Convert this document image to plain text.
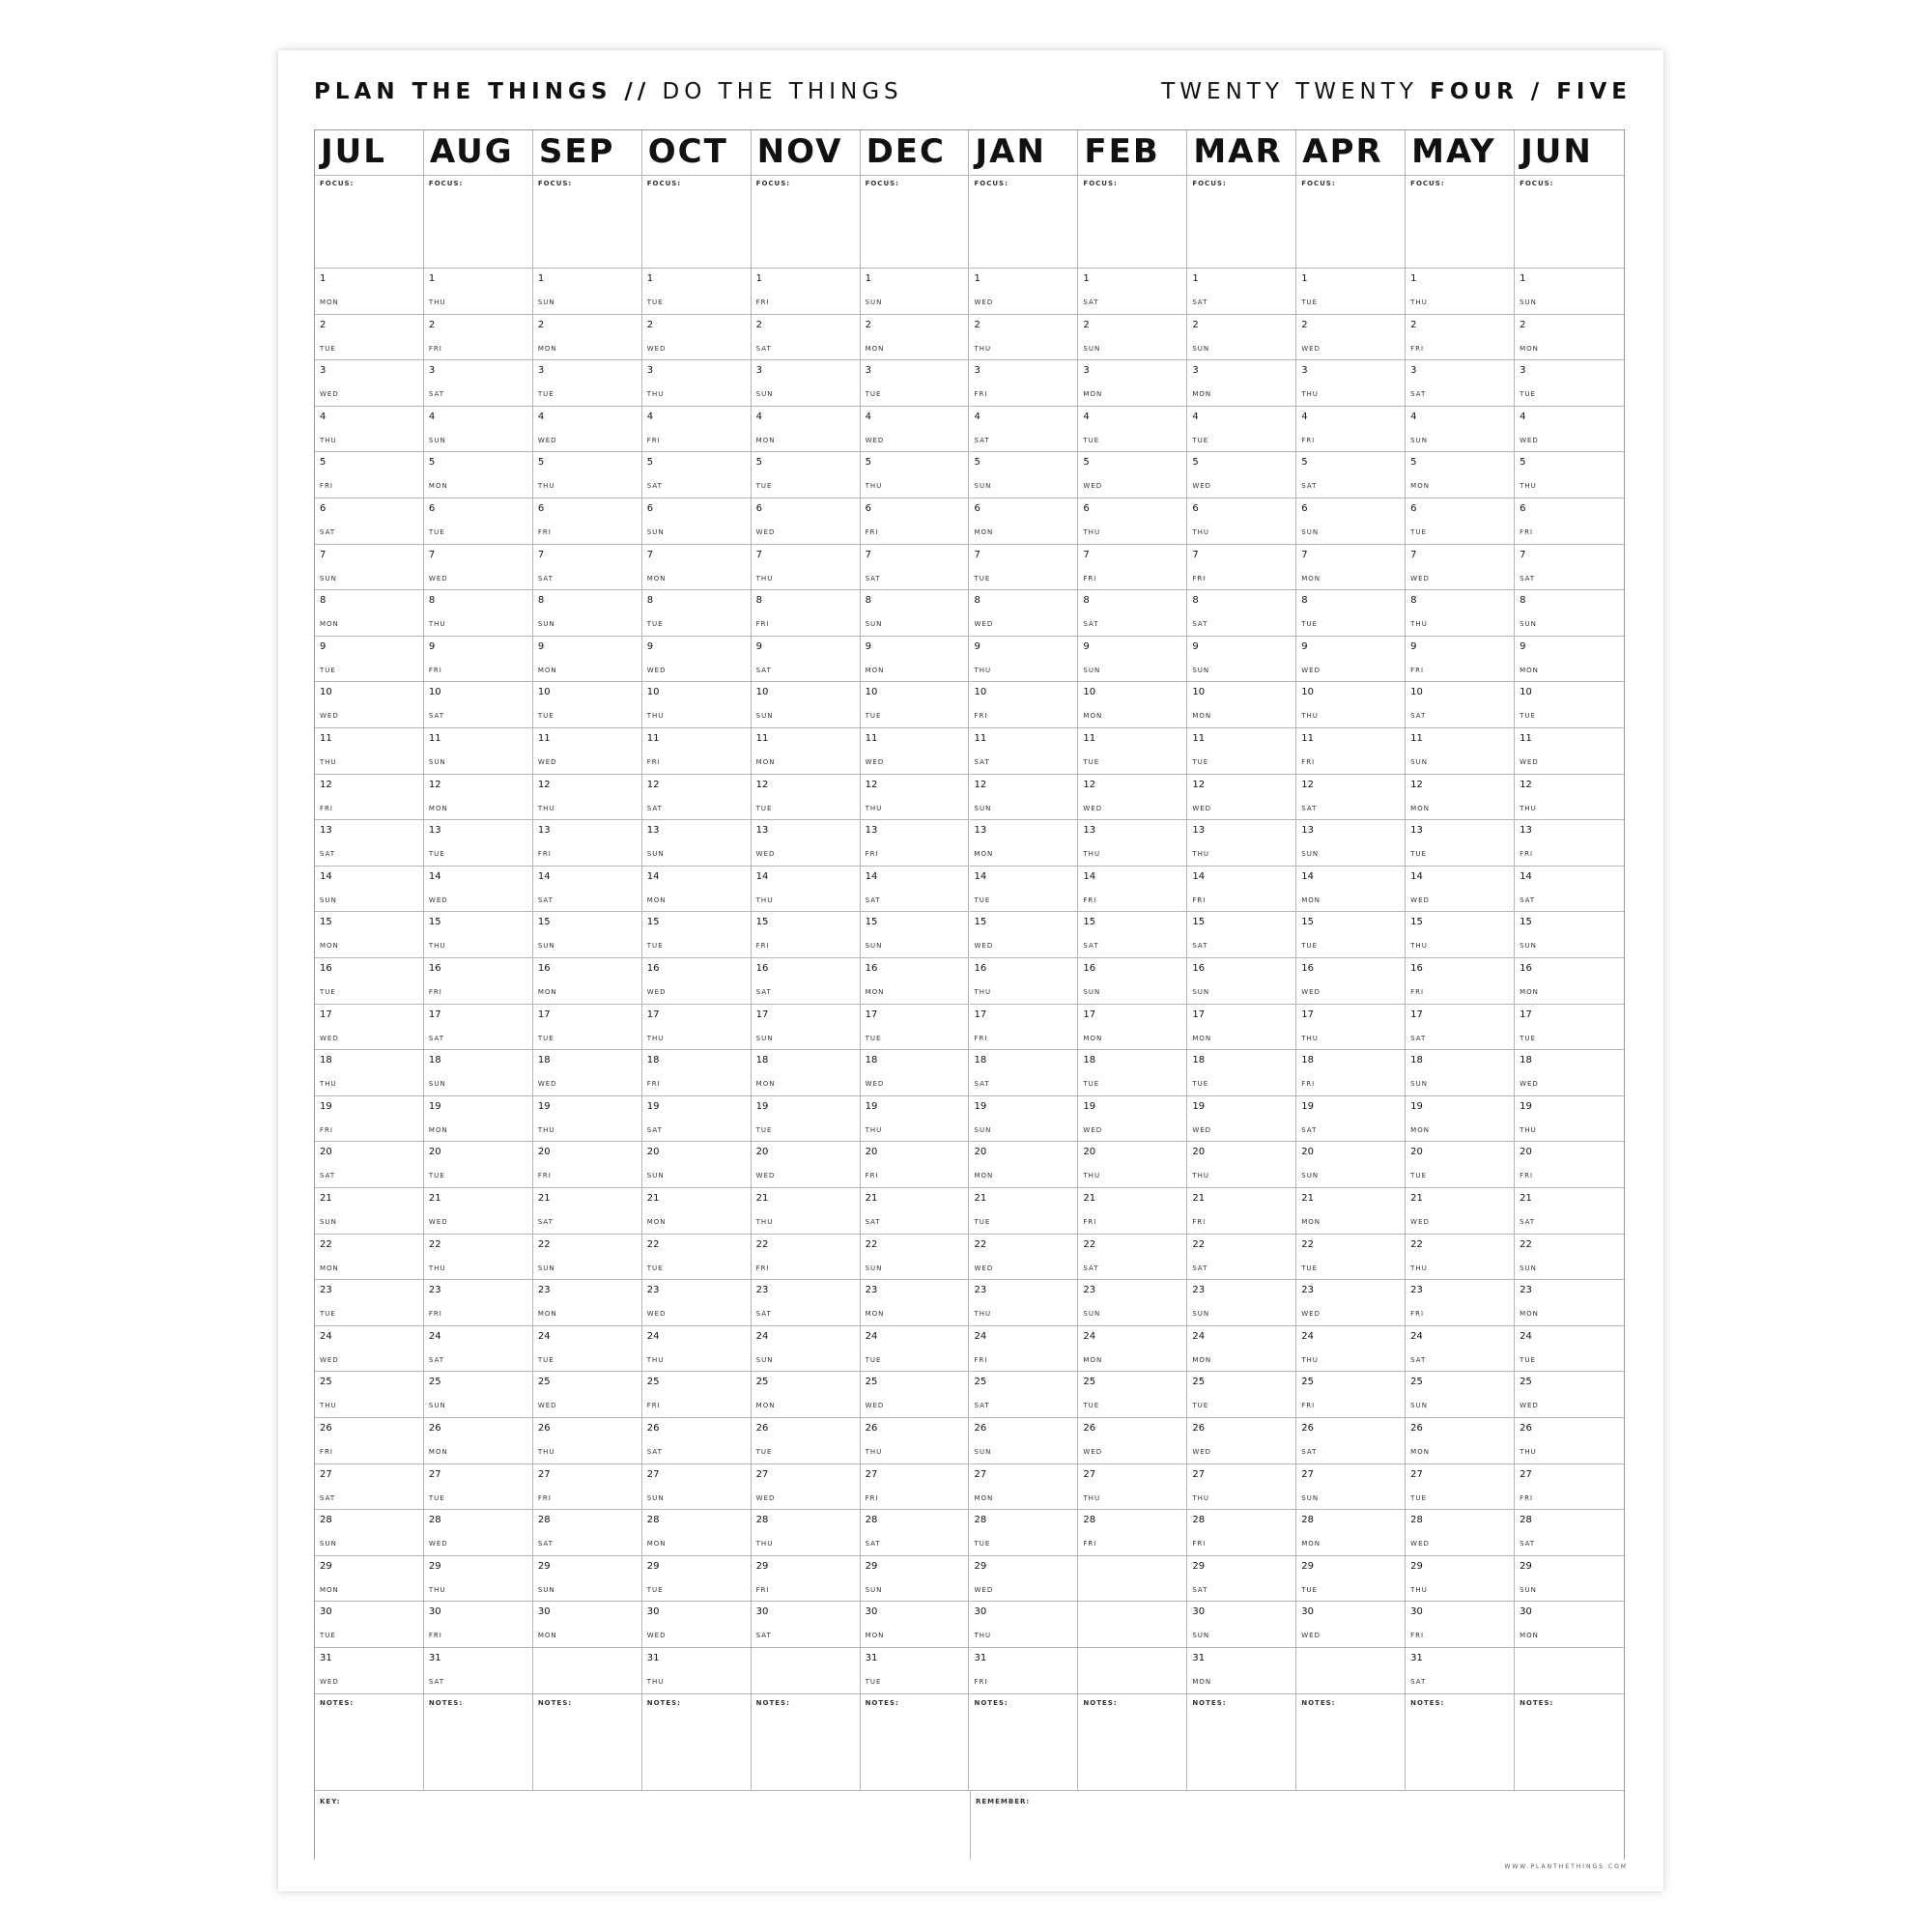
PLAN THE THINGS // DO THE THINGS	TWENTY TWENTY FOUR / FIVE
JUL
FOCUS:
1
MON
2
TUE
3
WED
4
THU
5
FRI
6
SAT
7
SUN
8
MON
9
TUE
10
WED
11
THU
12
FRI
13
SAT
14
SUN
15
MON
16
TUE
17
WED
18
THU
19
FRI
20
SAT
21
SUN
22
MON
23
TUE
24
WED
25
THU
26
FRI
27
SAT
28
SUN
29
MON
30
TUE
31
WED
NOTES:
AUG
FOCUS:
1
THU
2
FRI
3
SAT
4
SUN
5
MON
6
TUE
7
WED
8
THU
9
FRI
10
SAT
11
SUN
12
MON
13
TUE
14
WED
15
THU
16
FRI
17
SAT
18
SUN
19
MON
20
TUE
21
WED
22
THU
23
FRI
24
SAT
25
SUN
26
MON
27
TUE
28
WED
29
THU
30
FRI
31
SAT
NOTES:
SEP
FOCUS:
1
SUN
2
MON
3
TUE
4
WED
5
THU
6
FRI
7
SAT
8
SUN
9
MON
10
TUE
11
WED
12
THU
13
FRI
14
SAT
15
SUN
16
MON
17
TUE
18
WED
19
THU
20
FRI
21
SAT
22
SUN
23
MON
24
TUE
25
WED
26
THU
27
FRI
28
SAT
29
SUN
30
MON
NOTES:
OCT
FOCUS:
1
TUE
2
WED
3
THU
4
FRI
5
SAT
6
SUN
7
MON
8
TUE
9
WED
10
THU
11
FRI
12
SAT
13
SUN
14
MON
15
TUE
16
WED
17
THU
18
FRI
19
SAT
20
SUN
21
MON
22
TUE
23
WED
24
THU
25
FRI
26
SAT
27
SUN
28
MON
29
TUE
30
WED
31
THU
NOTES:
NOV
FOCUS:
1
FRI
2
SAT
3
SUN
4
MON
5
TUE
6
WED
7
THU
8
FRI
9
SAT
10
SUN
11
MON
12
TUE
13
WED
14
THU
15
FRI
16
SAT
17
SUN
18
MON
19
TUE
20
WED
21
THU
22
FRI
23
SAT
24
SUN
25
MON
26
TUE
27
WED
28
THU
29
FRI
30
SAT
NOTES:
DEC
FOCUS:
1
SUN
2
MON
3
TUE
4
WED
5
THU
6
FRI
7
SAT
8
SUN
9
MON
10
TUE
11
WED
12
THU
13
FRI
14
SAT
15
SUN
16
MON
17
TUE
18
WED
19
THU
20
FRI
21
SAT
22
SUN
23
MON
24
TUE
25
WED
26
THU
27
FRI
28
SAT
29
SUN
30
MON
31
TUE
NOTES:
JAN
FOCUS:
1
WED
2
THU
3
FRI
4
SAT
5
SUN
6
MON
7
TUE
8
WED
9
THU
10
FRI
11
SAT
12
SUN
13
MON
14
TUE
15
WED
16
THU
17
FRI
18
SAT
19
SUN
20
MON
21
TUE
22
WED
23
THU
24
FRI
25
SAT
26
SUN
27
MON
28
TUE
29
WED
30
THU
31
FRI
NOTES:
FEB
FOCUS:
1
SAT
2
SUN
3
MON
4
TUE
5
WED
6
THU
7
FRI
8
SAT
9
SUN
10
MON
11
TUE
12
WED
13
THU
14
FRI
15
SAT
16
SUN
17
MON
18
TUE
19
WED
20
THU
21
FRI
22
SAT
23
SUN
24
MON
25
TUE
26
WED
27
THU
28
FRI
NOTES:
MAR
FOCUS:
1
SAT
2
SUN
3
MON
4
TUE
5
WED
6
THU
7
FRI
8
SAT
9
SUN
10
MON
11
TUE
12
WED
13
THU
14
FRI
15
SAT
16
SUN
17
MON
18
TUE
19
WED
20
THU
21
FRI
22
SAT
23
SUN
24
MON
25
TUE
26
WED
27
THU
28
FRI
29
SAT
30
SUN
31
MON
NOTES:
APR
FOCUS:
1
TUE
2
WED
3
THU
4
FRI
5
SAT
6
SUN
7
MON
8
TUE
9
WED
10
THU
11
FRI
12
SAT
13
SUN
14
MON
15
TUE
16
WED
17
THU
18
FRI
19
SAT
20
SUN
21
MON
22
TUE
23
WED
24
THU
25
FRI
26
SAT
27
SUN
28
MON
29
TUE
30
WED
NOTES:
MAY
FOCUS:
1
THU
2
FRI
3
SAT
4
SUN
5
MON
6
TUE
7
WED
8
THU
9
FRI
10
SAT
11
SUN
12
MON
13
TUE
14
WED
15
THU
16
FRI
17
SAT
18
SUN
19
MON
20
TUE
21
WED
22
THU
23
FRI
24
SAT
25
SUN
26
MON
27
TUE
28
WED
29
THU
30
FRI
31
SAT
NOTES:
JUN
FOCUS:
1
SUN
2
MON
3
TUE
4
WED
5
THU
6
FRI
7
SAT
8
SUN
9
MON
10
TUE
11
WED
12
THU
13
FRI
14
SAT
15
SUN
16
MON
17
TUE
18
WED
19
THU
20
FRI
21
SAT
22
SUN
23
MON
24
TUE
25
WED
26
THU
27
FRI
28
SAT
29
SUN
30
MON
NOTES:
KEY:	REMEMBER:
WWW.PLANTHETHINGS.COM
